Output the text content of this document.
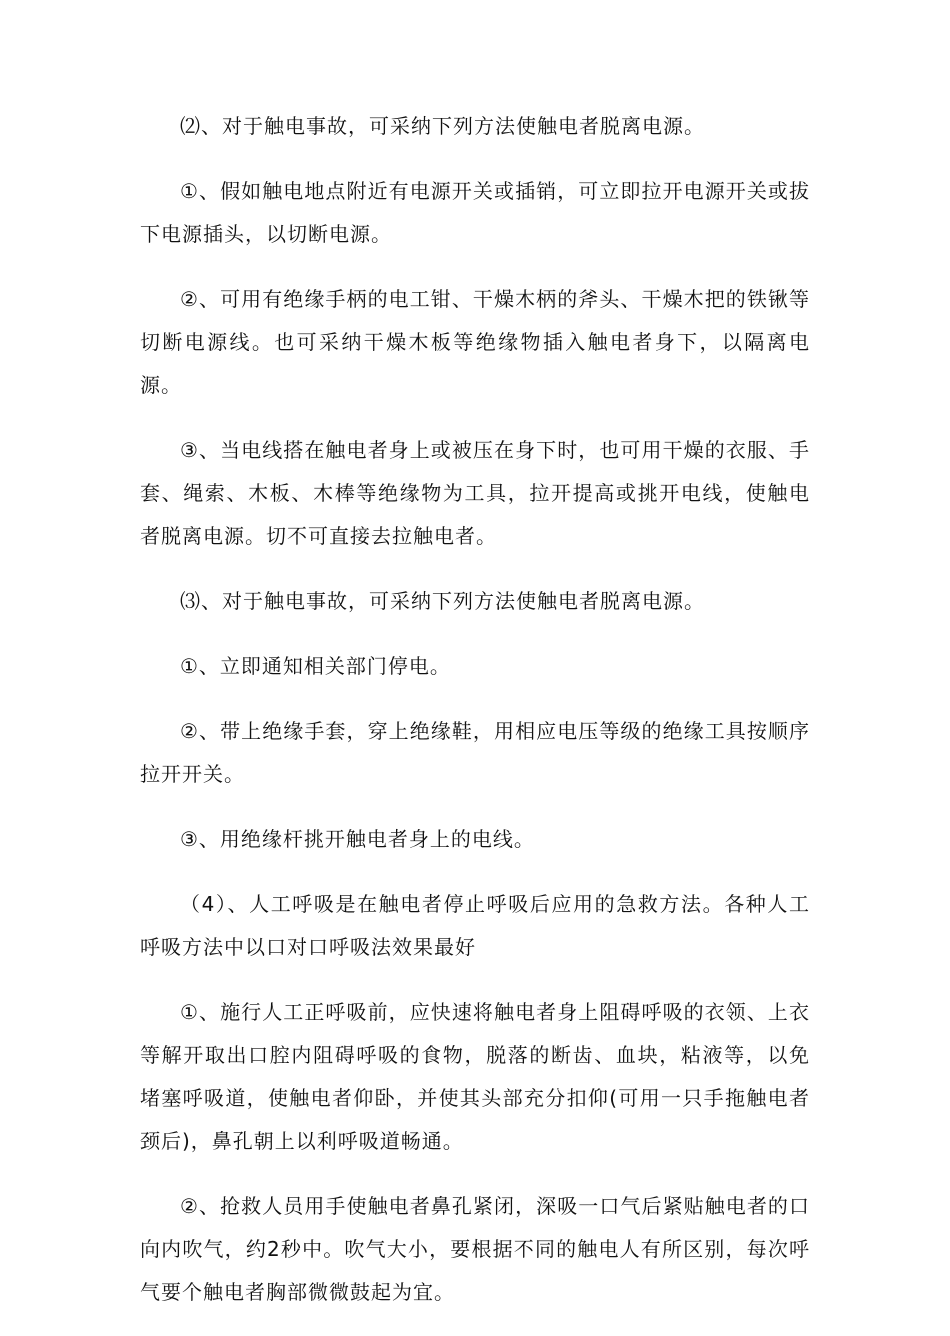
⑵、对于触电事故，可采纳下列方法使触电者脱离电源。

①、假如触电地点附近有电源开关或插销，可立即拉开电源开关或拔下电源插头，以切断电源。

②、可用有绝缘手柄的电工钳、干燥木柄的斧头、干燥木把的铁锹等切断电源线。也可采纳干燥木板等绝缘物插入触电者身下，以隔离电源。

③、当电线搭在触电者身上或被压在身下时，也可用干燥的衣服、手套、绳索、木板、木棒等绝缘物为工具，拉开提高或挑开电线，使触电者脱离电源。切不可直接去拉触电者。

⑶、对于触电事故，可采纳下列方法使触电者脱离电源。

①、立即通知相关部门停电。

②、带上绝缘手套，穿上绝缘鞋，用相应电压等级的绝缘工具按顺序拉开开关。

③、用绝缘杆挑开触电者身上的电线。

（4）、人工呼吸是在触电者停止呼吸后应用的急救方法。各种人工呼吸方法中以口对口呼吸法效果最好

①、施行人工正呼吸前，应快速将触电者身上阻碍呼吸的衣领、上衣等解开取出口腔内阻碍呼吸的食物，脱落的断齿、血块，粘液等，以免堵塞呼吸道，使触电者仰卧，并使其头部充分扣仰(可用一只手拖触电者颈后)，鼻孔朝上以利呼吸道畅通。

②、抢救人员用手使触电者鼻孔紧闭，深吸一口气后紧贴触电者的口向内吹气，约2秒中。吹气大小，要根据不同的触电人有所区别，每次呼气要个触电者胸部微微鼓起为宜。
